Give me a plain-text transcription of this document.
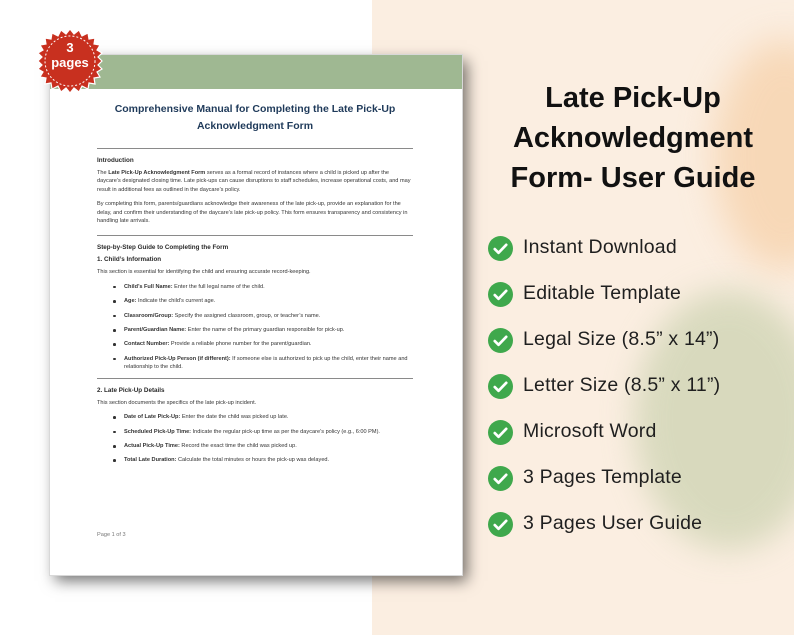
Comprehensive Manual for Completing the Late Pick-Up
Acknowledgment Form
Introduction
The Late Pick-Up Acknowledgment Form serves as a formal record of instances where a child is picked up after the daycare’s designated closing time. Late pick-ups can cause disruptions to staff schedules, increase operational costs, and may result in additional fees as outlined in the daycare’s policy.
By completing this form, parents/guardians acknowledge their awareness of the late pick-up, provide an explanation for the delay, and confirm their understanding of the daycare’s late pick-up policy. This form ensures transparency and consistency in handling late arrivals.
Step-by-Step Guide to Completing the Form
1. Child’s Information
This section is essential for identifying the child and ensuring accurate record-keeping.
Child’s Full Name: Enter the full legal name of the child.
Age: Indicate the child’s current age.
Classroom/Group: Specify the assigned classroom, group, or teacher’s name.
Parent/Guardian Name: Enter the name of the primary guardian responsible for pick-up.
Contact Number: Provide a reliable phone number for the parent/guardian.
Authorized Pick-Up Person (if different): If someone else is authorized to pick up the child, enter their name and relationship to the child.
2. Late Pick-Up Details
This section documents the specifics of the late pick-up incident.
Date of Late Pick-Up: Enter the date the child was picked up late.
Scheduled Pick-Up Time: Indicate the regular pick-up time as per the daycare’s policy (e.g., 6:00 PM).
Actual Pick-Up Time: Record the exact time the child was picked up.
Total Late Duration: Calculate the total minutes or hours the pick-up was delayed.
Page 1 of 3
3
pages
Late Pick-Up
Acknowledgment
Form- User Guide
Instant Download
Editable Template
Legal Size (8.5” x 14”)
Letter Size (8.5” x 11”)
Microsoft Word
3 Pages Template
3 Pages User Guide
